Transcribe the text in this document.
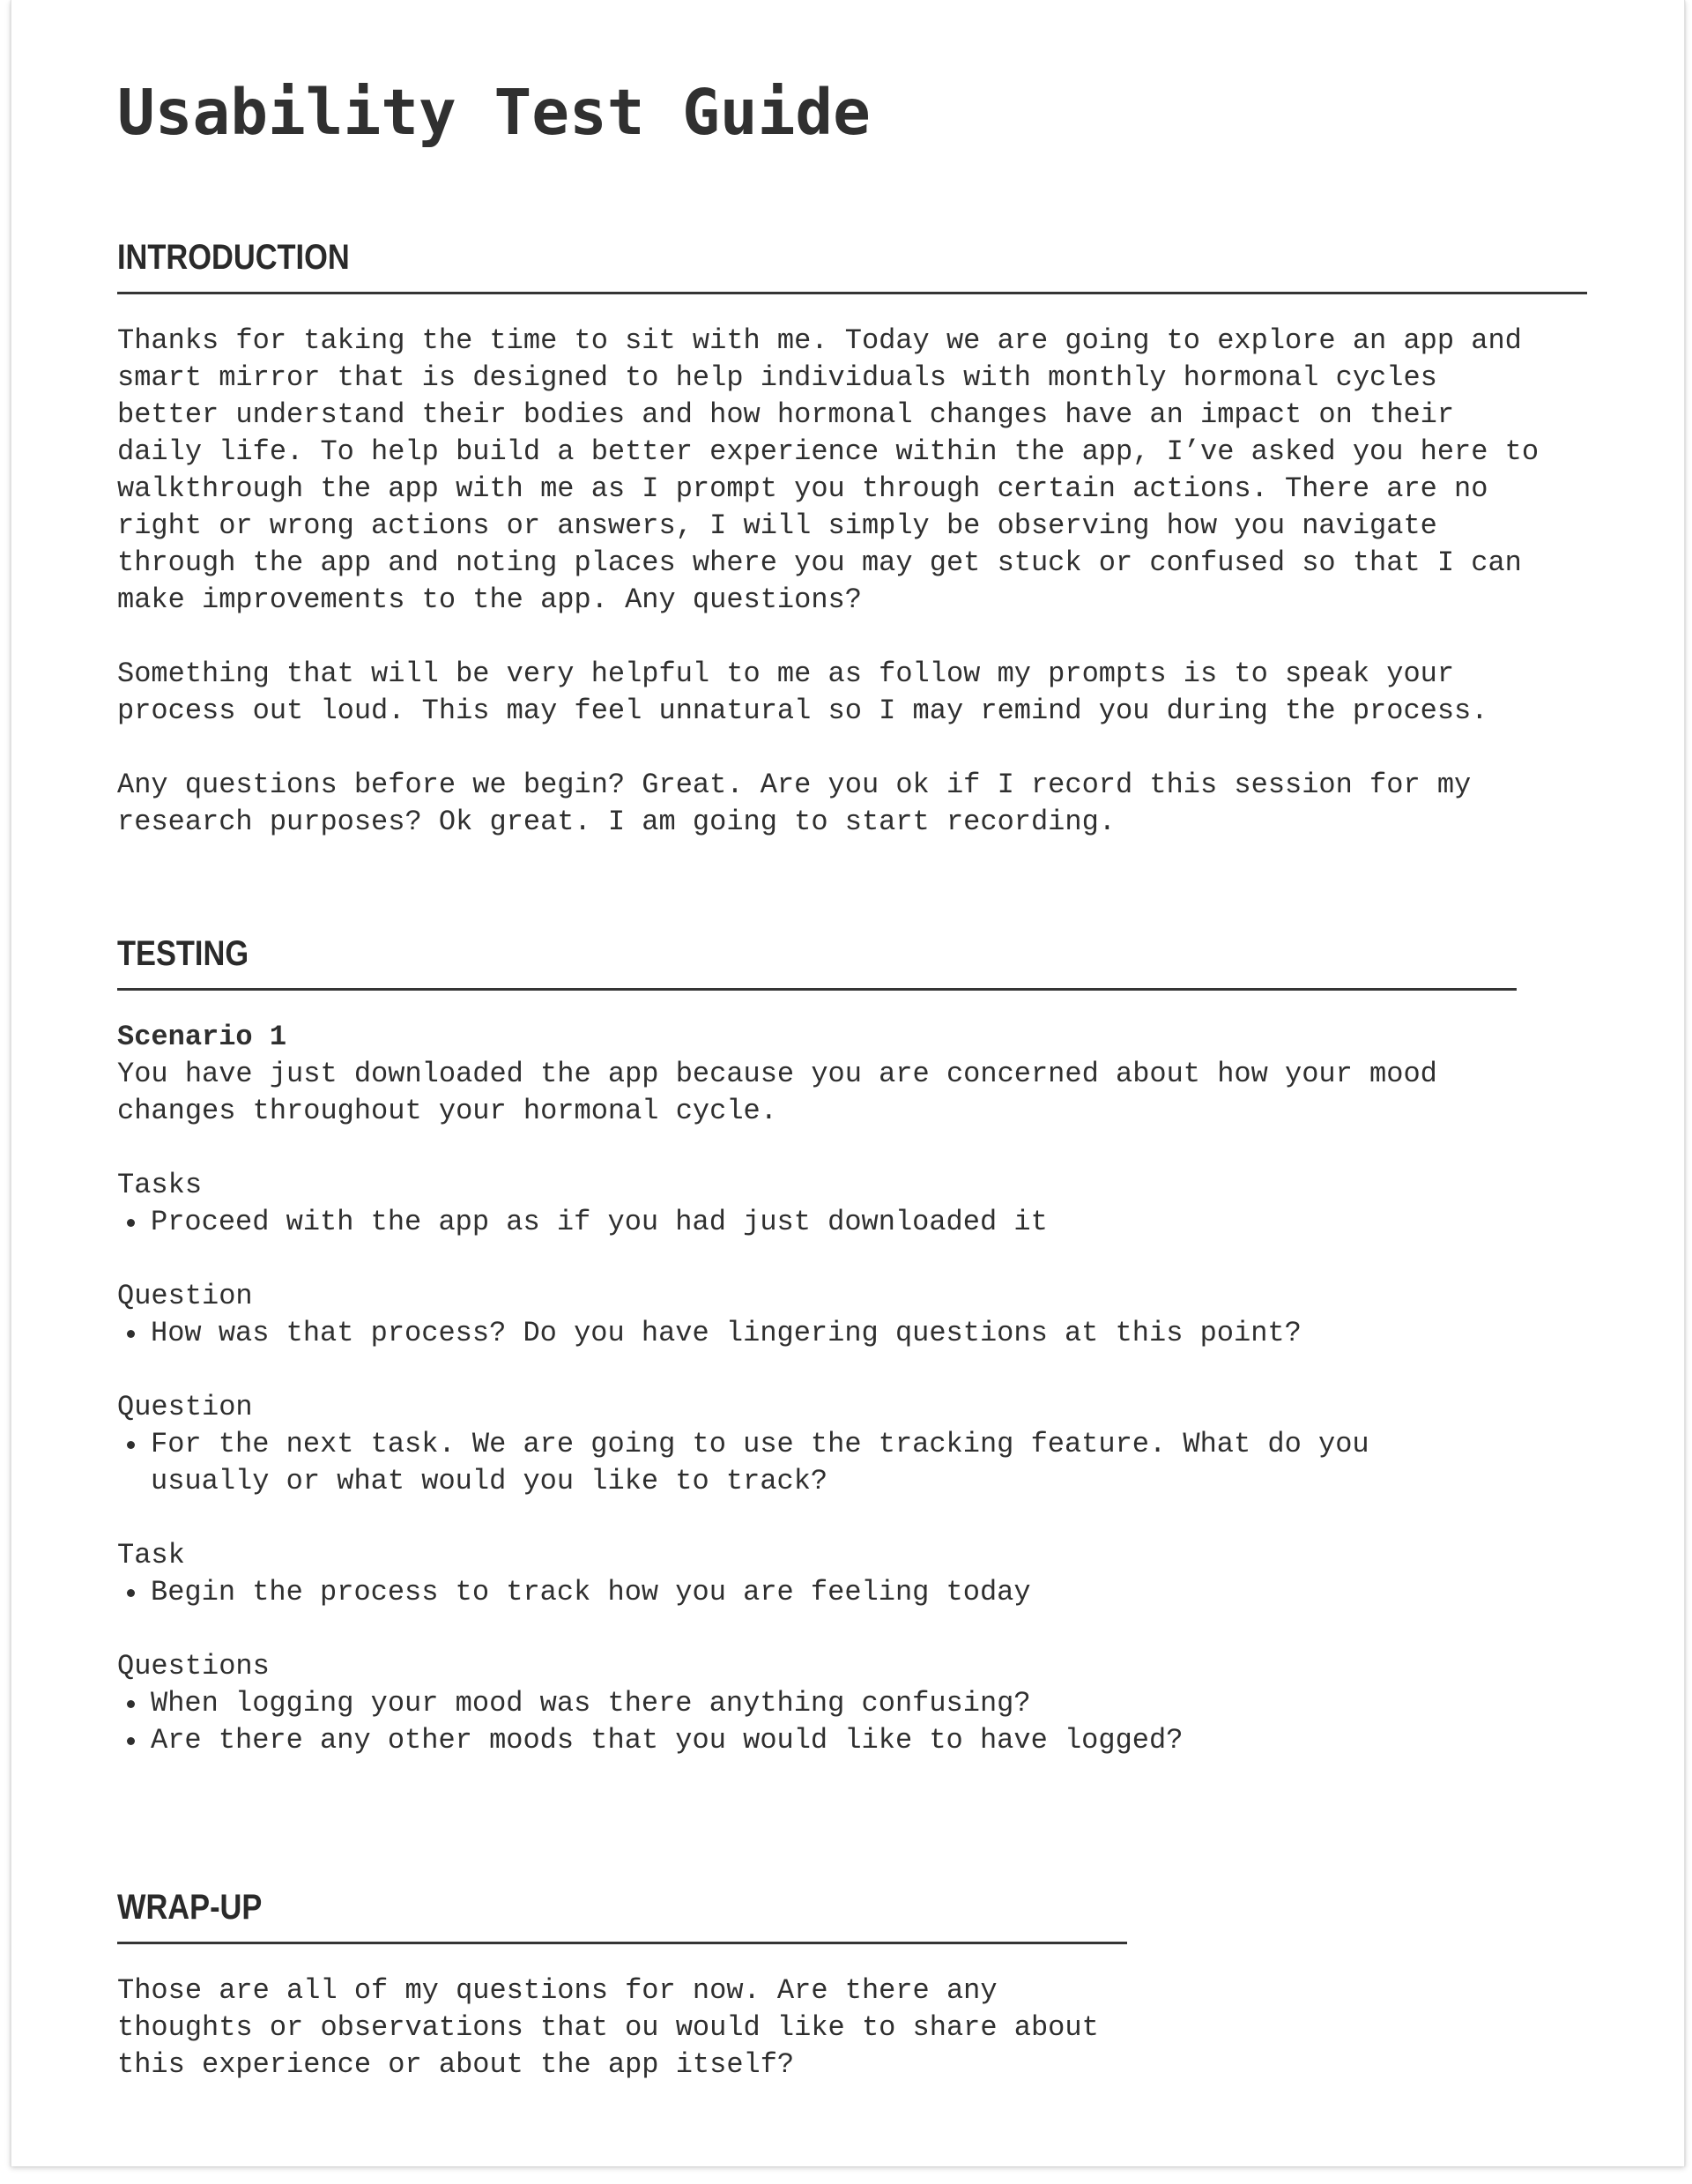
Usability Test Guide
INTRODUCTION

Thanks for taking the time to sit with me. Today we are going to explore an app and
smart mirror that is designed to help individuals with monthly hormonal cycles
better understand their bodies and how hormonal changes have an impact on their
daily life. To help build a better experience within the app, I’ve asked you here to
walkthrough the app with me as I prompt you through certain actions. There are no
right or wrong actions or answers, I will simply be observing how you navigate
through the app and noting places where you may get stuck or confused so that I can
make improvements to the app. Any questions?

Something that will be very helpful to me as follow my prompts is to speak your
process out loud. This may feel unnatural so I may remind you during the process.

Any questions before we begin? Great. Are you ok if I record this session for my
research purposes? Ok great. I am going to start recording.

TESTING

Scenario 1

You have just downloaded the app because you are concerned about how your mood
changes throughout your hormonal cycle.

Tasks

Proceed with the app as if you had just downloaded it

Question

How was that process? Do you have lingering questions at this point?

Question

For the next task. We are going to use the tracking feature. What do you
usually or what would you like to track?

Task

Begin the process to track how you are feeling today

Questions

When logging your mood was there anything confusing?
Are there any other moods that you would like to have logged?
WRAP-UP

Those are all of my questions for now. Are there any
thoughts or observations that ou would like to share about
this experience or about the app itself?
